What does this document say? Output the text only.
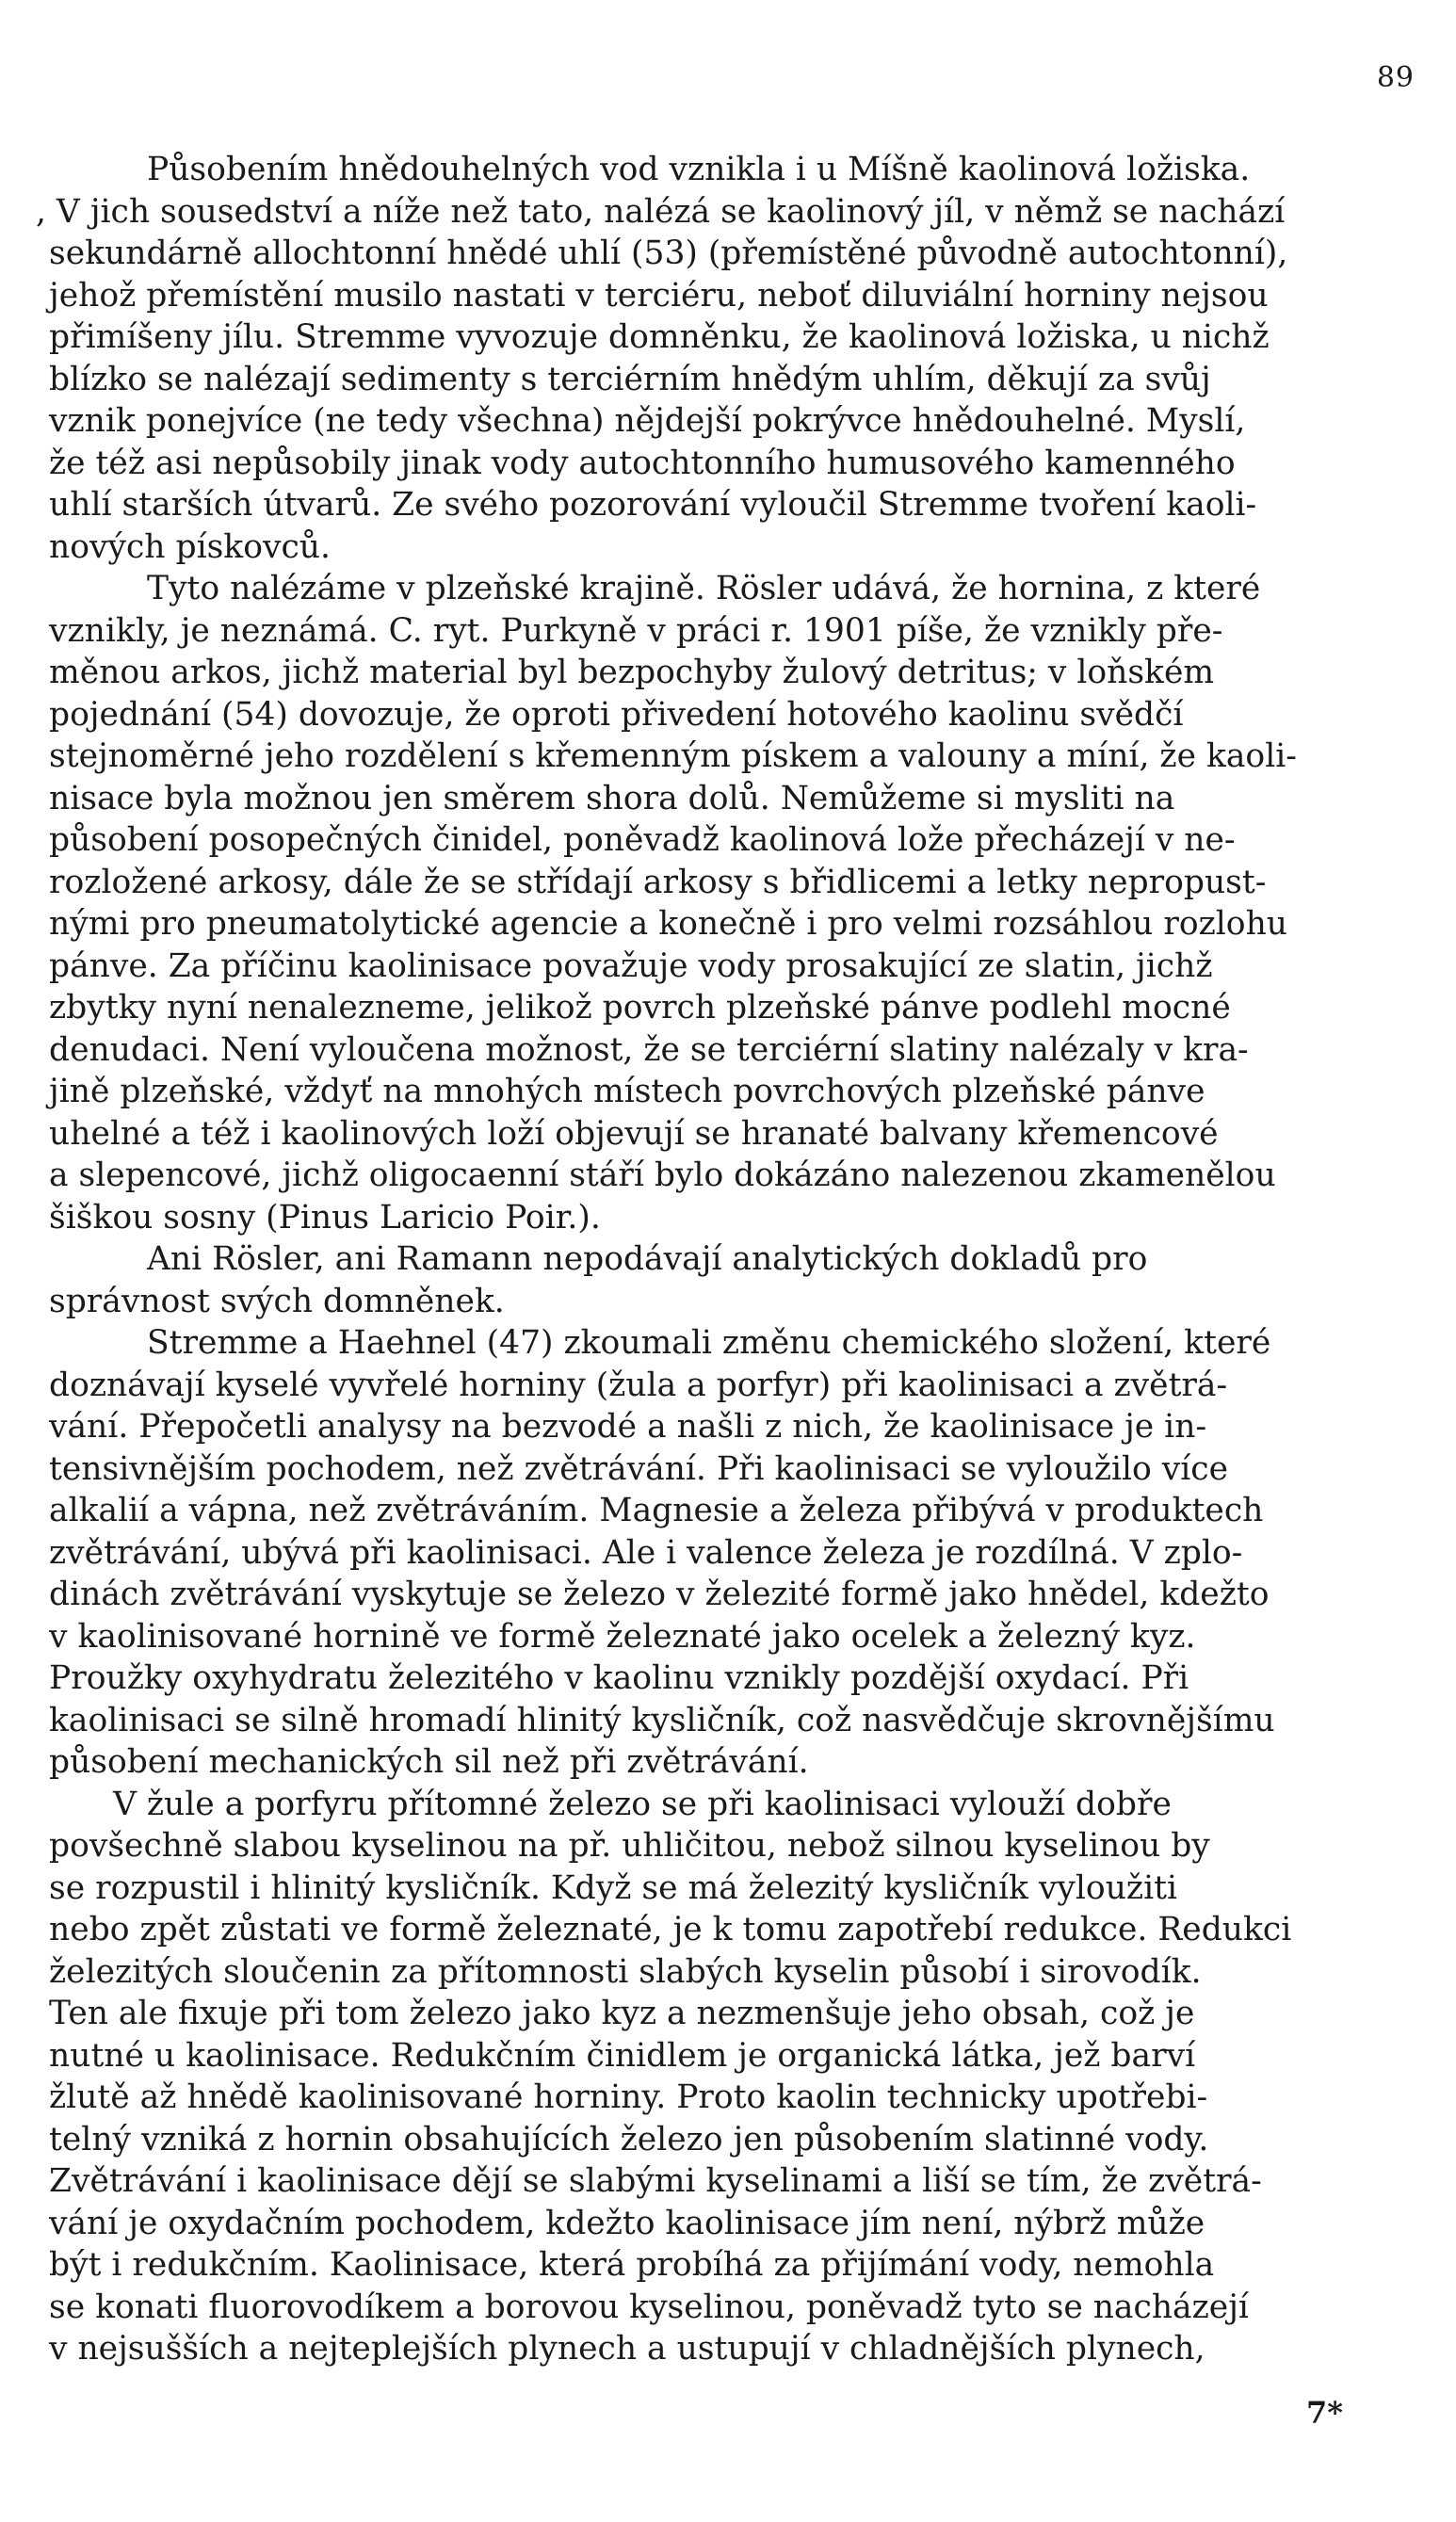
89
Působením hnědouhelných vod vznikla i u Míšně kaolinová ložiska.
, V jich sousedství a níže než tato, nalézá se kaolinový jíl, v němž se nachází
sekundárně allochtonní hnědé uhlí (53) (přemístěné původně autochtonní),
jehož přemístění musilo nastati v terciéru, neboť diluviální horniny nejsou
přimíšeny jílu. Stremme vyvozuje domněnku, že kaolinová ložiska, u nichž
blízko se nalézají sedimenty s terciérním hnědým uhlím, děkují za svůj
vznik ponejvíce (ne tedy všechna) nějdejší pokrývce hnědouhelné. Myslí,
že též asi nepůsobily jinak vody autochtonního humusového kamenného
uhlí starších útvarů. Ze svého pozorování vyloučil Stremme tvoření kaoli-
nových pískovců.
Tyto nalézáme v plzeňské krajině. Rösler udává, že hornina, z které
vznikly, je neznámá. C. ryt. Purkyně v práci r. 1901 píše, že vznikly pře-
měnou arkos, jichž material byl bezpochyby žulový detritus; v loňském
pojednání (54) dovozuje, že oproti přivedení hotového kaolinu svědčí
stejnoměrné jeho rozdělení s křemenným pískem a valouny a míní, že kaoli-
nisace byla možnou jen směrem shora dolů. Nemůžeme si mysliti na
působení posopečných činidel, poněvadž kaolinová lože přecházejí v ne-
rozložené arkosy, dále že se střídají arkosy s břidlicemi a letky nepropust-
nými pro pneumatolytické agencie a konečně i pro velmi rozsáhlou rozlohu
pánve. Za příčinu kaolinisace považuje vody prosakující ze slatin, jichž
zbytky nyní nenalezneme, jelikož povrch plzeňské pánve podlehl mocné
denudaci. Není vyloučena možnost, že se terciérní slatiny nalézaly v kra-
jině plzeňské, vždyť na mnohých místech povrchových plzeňské pánve
uhelné a též i kaolinových loží objevují se hranaté balvany křemencové
a slepencové, jichž oligocaenní stáří bylo dokázáno nalezenou zkamenělou
šiškou sosny (Pinus Laricio Poir.).
Ani Rösler, ani Ramann nepodávají analytických dokladů pro
správnost svých domněnek.
Stremme a Haehnel (47) zkoumali změnu chemického složení, které
doznávají kyselé vyvřelé horniny (žula a porfyr) při kaolinisaci a zvětrá-
vání. Přepočetli analysy na bezvodé a našli z nich, že kaolinisace je in-
tensivnějším pochodem, než zvětrávání. Při kaolinisaci se vyloužilo více
alkalií a vápna, než zvětráváním. Magnesie a železa přibývá v produktech
zvětrávání, ubývá při kaolinisaci. Ale i valence železa je rozdílná. V zplo-
dinách zvětrávání vyskytuje se železo v železité formě jako hnědel, kdežto
v kaolinisované hornině ve formě železnaté jako ocelek a železný kyz.
Proužky oxyhydratu železitého v kaolinu vznikly pozdější oxydací. Při
kaolinisaci se silně hromadí hlinitý kysličník, což nasvědčuje skrovnějšímu
působení mechanických sil než při zvětrávání.
V žule a porfyru přítomné železo se při kaolinisaci vylouží dobře
povšechně slabou kyselinou na př. uhličitou, nebož silnou kyselinou by
se rozpustil i hlinitý kysličník. Když se má železitý kysličník vyloužiti
nebo zpět zůstati ve formě železnaté, je k tomu zapotřebí redukce. Redukci
železitých sloučenin za přítomnosti slabých kyselin působí i sirovodík.
Ten ale fixuje při tom železo jako kyz a nezmenšuje jeho obsah, což je
nutné u kaolinisace. Redukčním činidlem je organická látka, jež barví
žlutě až hnědě kaolinisované horniny. Proto kaolin technicky upotřebi-
telný vzniká z hornin obsahujících železo jen působením slatinné vody.
Zvětrávání i kaolinisace dějí se slabými kyselinami a liší se tím, že zvětrá-
vání je oxydačním pochodem, kdežto kaolinisace jím není, nýbrž může
být i redukčním. Kaolinisace, která probíhá za přijímání vody, nemohla
se konati fluorovodíkem a borovou kyselinou, poněvadž tyto se nacházejí
v nejsušších a nejteplejších plynech a ustupují v chladnějších plynech,
7*
